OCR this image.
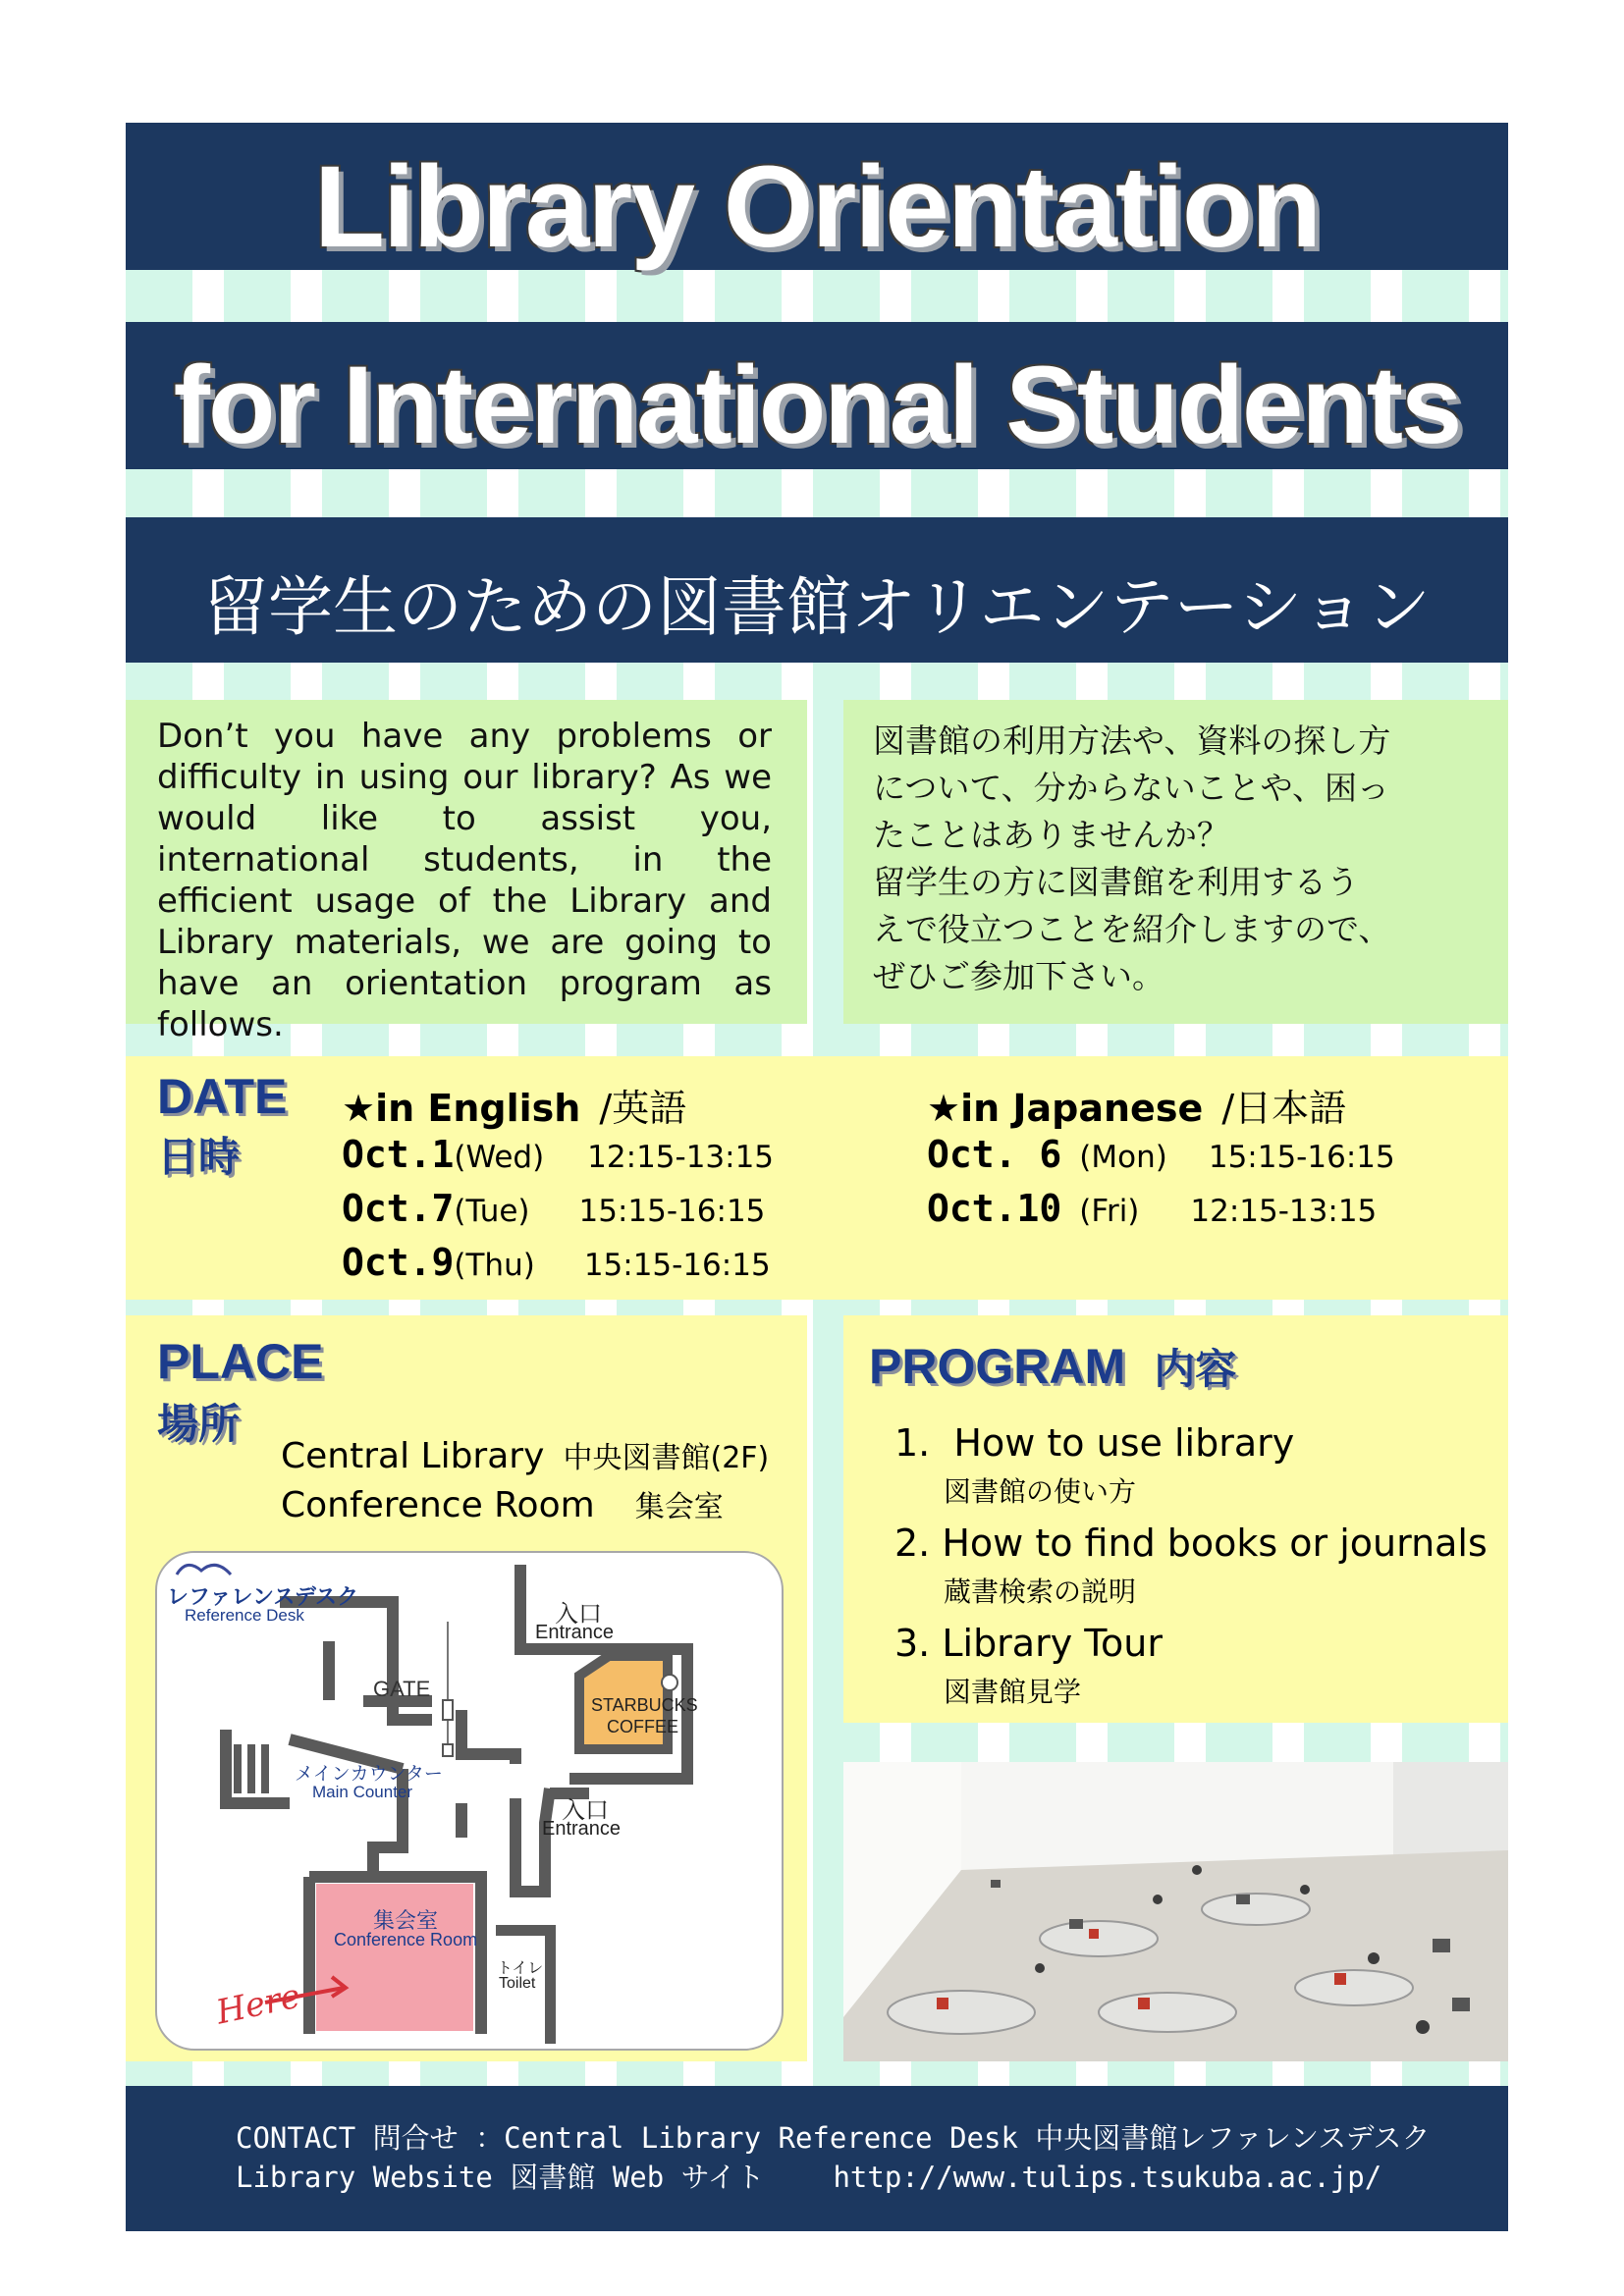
Library Orientation
for International Students
留学生のための図書館オリエンテーション
Don’t you have any problems or difficulty in using our library? As we would like to assist you, international students, in the efficient usage of the Library and Library materials, we are going to have an orientation program as follows.
図書館の利用方法や、資料の探し方
について、分からないことや、困っ
たことはありませんか？
留学生の方に図書館を利用するう
えで役立つことを紹介しますので、
ぜひご参加下さい。
DATE
日時
★in English /英語
Oct.1(Wed) 12:15-13:15
Oct.7(Tue) 15:15-16:15
Oct.9(Thu) 15:15-16:15
★in Japanese /日本語
Oct. 6 (Mon) 15:15-16:15
Oct.10 (Fri) 12:15-13:15
PLACE
場所
Central Library 中央図書館(2F)
Conference Room 集会室
レファレンスデスク
Reference Desk
GATE
メインカウンター
Main Counter
入口
Entrance
STARBUCKS
COFFEE
入口
Entrance
集会室
Conference Room
トイレ
Toilet
Here
PROGRAM 内容
1.  How to use library
図書館の使い方
2. How to find books or journals
蔵書検索の説明
3. Library Tour
図書館見学
CONTACT 問合せ ：Central Library Reference Desk 中央図書館レファレンスデスク
Library Website 図書館 Web サイト    http://www.tulips.tsukuba.ac.jp/
